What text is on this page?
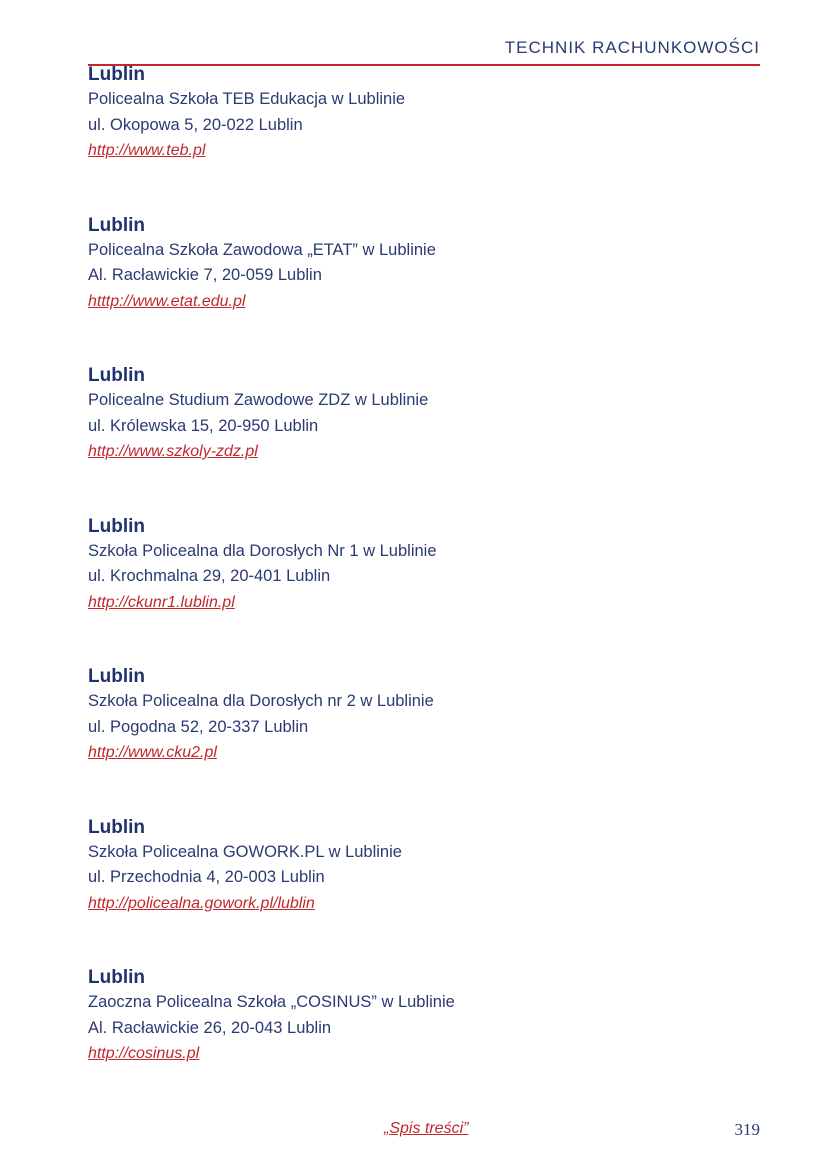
TECHNIK RACHUNKOWOŚCI
Lublin
Policealna Szkoła TEB Edukacja w Lublinie
ul. Okopowa 5, 20-022 Lublin
http://www.teb.pl
Lublin
Policealna Szkoła Zawodowa „ETAT” w Lublinie
Al. Racławickie 7, 20-059 Lublin
htttp://www.etat.edu.pl
Lublin
Policealne Studium Zawodowe ZDZ w Lublinie
ul. Królewska 15, 20-950 Lublin
http://www.szkoly-zdz.pl
Lublin
Szkoła Policealna dla Dorosłych Nr 1 w Lublinie
ul. Krochmalna 29, 20-401 Lublin
http://ckunr1.lublin.pl
Lublin
Szkoła Policealna dla Dorosłych nr 2 w Lublinie
ul. Pogodna 52, 20-337 Lublin
http://www.cku2.pl
Lublin
Szkoła Policealna GOWORK.PL w Lublinie
ul. Przechodnia 4, 20-003 Lublin
http://policealna.gowork.pl/lublin
Lublin
Zaoczna Policealna Szkoła „COSINUS” w Lublinie
Al. Racławickie 26, 20-043 Lublin
http://cosinus.pl
„Spis treści”	319
